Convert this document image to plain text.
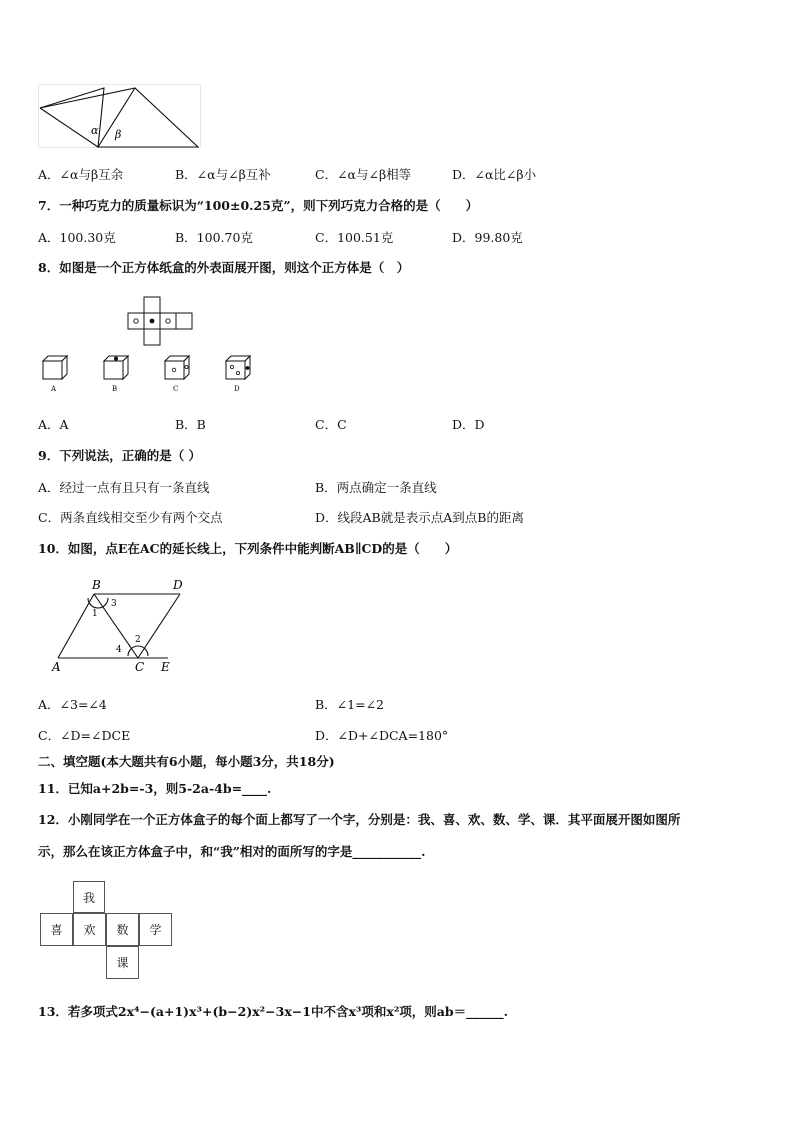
α β
A．∠α与β互余	B．∠α与∠β互补	C．∠α与∠β相等	D．∠α比∠β小
7．一种巧克力的质量标识为“100±0.25克”，则下列巧克力合格的是（　　）
A．100.30克	B．100.70克	C．100.51克	D．99.80克
8．如图是一个正方体纸盒的外表面展开图，则这个正方体是（　）
A	B	C	D
A．A	B．B	C．C	D．D
9．下列说法，正确的是（ ）
A．经过一点有且只有一条直线	B．两点确定一条直线
C．两条直线相交至少有两个交点	D．线段AB就是表示点A到点B的距离
10．如图，点E在AC的延长线上，下列条件中能判断AB∥CD的是（　　）
B	D
A	C E
1
3
2
4
A．∠3=∠4	B．∠1=∠2
C．∠D=∠DCE	D．∠D+∠DCA=180°
二、填空题(本大题共有6小题，每小题3分，共18分)
11．已知a+2b=-3，则5-2a-4b=____.
12．小刚同学在一个正方体盒子的每个面上都写了一个字，分别是：我、喜、欢、数、学、课．其平面展开图如图所
示，那么在该正方体盒子中，和“我”相对的面所写的字是___________.
我
喜 欢 数 学
课
13．若多项式2x⁴−(a+1)x³+(b−2)x²−3x−1中不含x³项和x²项，则ab＝______.
